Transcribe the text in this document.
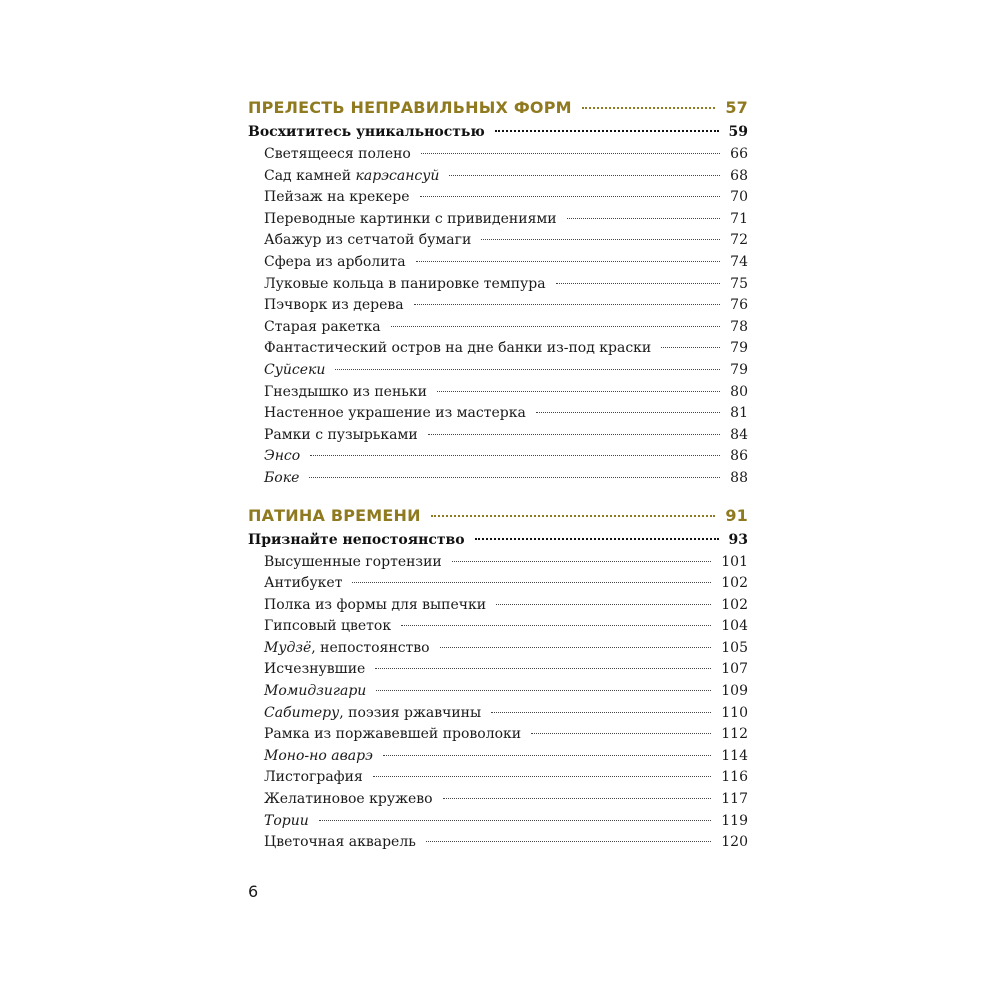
ПРЕЛЕСТЬ НЕПРАВИЛЬНЫХ ФОРМ	57
Восхититесь уникальностью	59
Светящееся полено	66
Сад камней карэсансуй	68
Пейзаж на крекере	70
Переводные картинки с привидениями	71
Абажур из сетчатой бумаги	72
Сфера из арболита	74
Луковые кольца в панировке темпура	75
Пэчворк из дерева	76
Старая ракетка	78
Фантастический остров на дне банки из-под краски	79
Суйсеки	79
Гнездышко из пеньки	80
Настенное украшение из мастерка	81
Рамки с пузырьками	84
Энсо	86
Боке	88
ПАТИНА ВРЕМЕНИ	91
Признайте непостоянство	93
Высушенные гортензии	101
Антибукет	102
Полка из формы для выпечки	102
Гипсовый цветок	104
Мудзё, непостоянство	105
Исчезнувшие	107
Момидзигари	109
Сабитеру, поэзия ржавчины	110
Рамка из поржавевшей проволоки	112
Моно-но аварэ	114
Листография	116
Желатиновое кружево	117
Тории	119
Цветочная акварель	120
6
